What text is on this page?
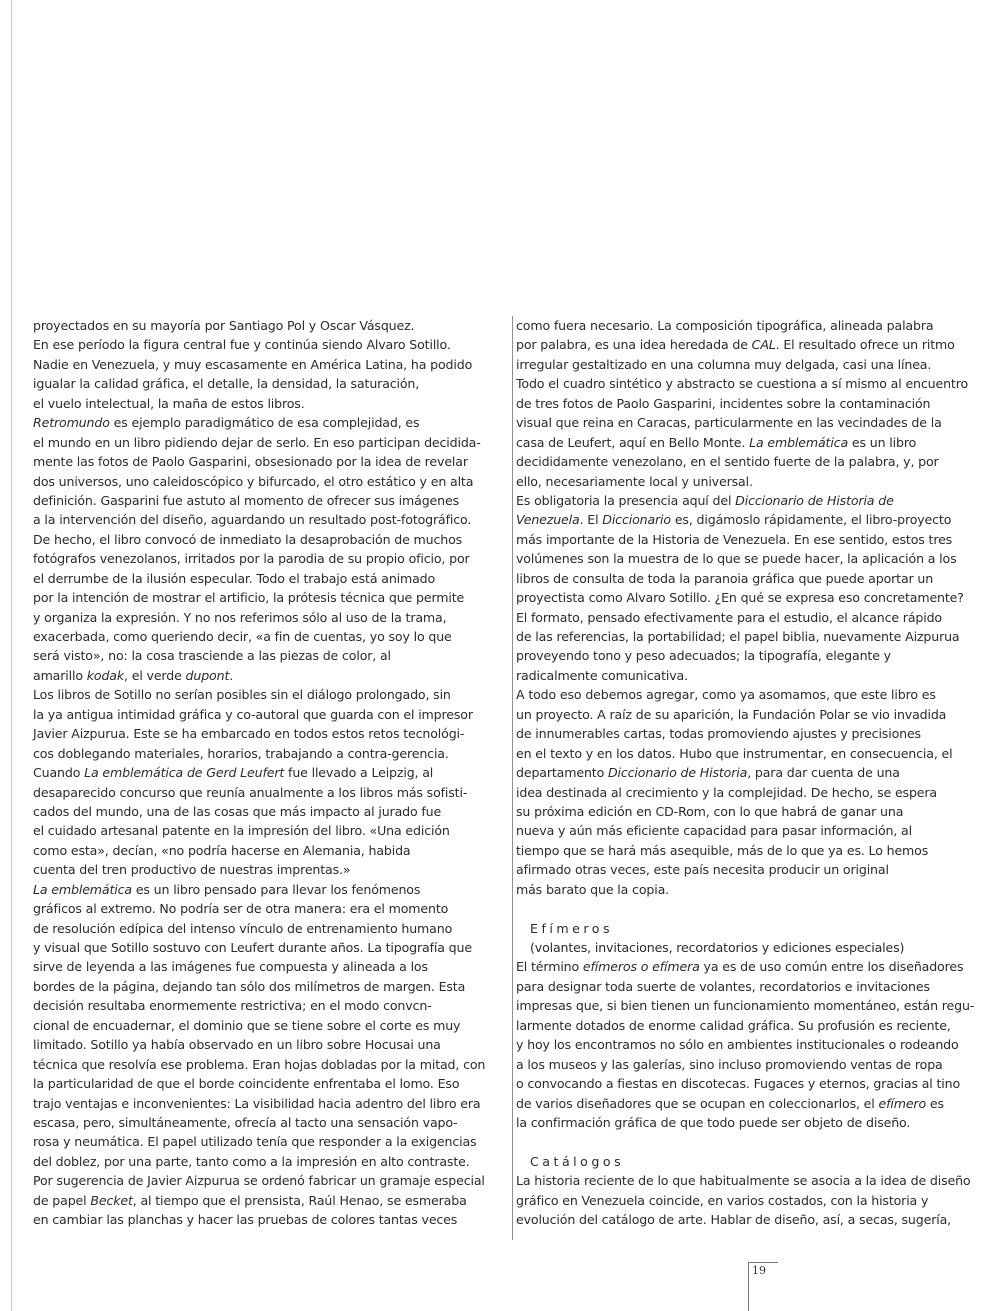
proyectados en su mayoría por Santiago Pol y Oscar Vásquez.
En ese período la figura central fue y continúa siendo Alvaro Sotillo.
Nadie en Venezuela, y muy escasamente en América Latina, ha podido
igualar la calidad gráfica, el detalle, la densidad, la saturación,
el vuelo intelectual, la maña de estos libros.
Retromundo es ejemplo paradigmático de esa complejidad, es
el mundo en un libro pidiendo dejar de serlo. En eso participan decidida-
mente las fotos de Paolo Gasparini, obsesionado por la idea de revelar
dos universos, uno caleidoscópico y bifurcado, el otro estático y en alta
definición. Gasparini fue astuto al momento de ofrecer sus imágenes
a la intervención del diseño, aguardando un resultado post-fotográfico.
De hecho, el libro convocó de inmediato la desaprobación de muchos
fotógrafos venezolanos, irritados por la parodia de su propio oficio, por
el derrumbe de la ilusión especular. Todo el trabajo está animado
por la intención de mostrar el artificio, la prótesis técnica que permite
y organiza la expresión. Y no nos referimos sólo al uso de la trama,
exacerbada, como queriendo decir, «a fin de cuentas, yo soy lo que
será visto», no: la cosa trasciende a las piezas de color, al
amarillo kodak, el verde dupont.
Los libros de Sotillo no serían posibles sin el diálogo prolongado, sin
la ya antigua intimidad gráfica y co-autoral que guarda con el impresor
Javier Aizpurua. Este se ha embarcado en todos estos retos tecnológi-
cos doblegando materiales, horarios, trabajando a contra-gerencia.
Cuando La emblemática de Gerd Leufert fue llevado a Leipzig, al
desaparecido concurso que reunía anualmente a los libros más sofisti-
cados del mundo, una de las cosas que más impacto al jurado fue
el cuidado artesanal patente en la impresión del libro. «Una edición
como esta», decían, «no podría hacerse en Alemania, habida
cuenta del tren productivo de nuestras imprentas.»
La emblemática es un libro pensado para llevar los fenómenos
gráficos al extremo. No podría ser de otra manera: era el momento
de resolución edípica del intenso vínculo de entrenamiento humano
y visual que Sotillo sostuvo con Leufert durante años. La tipografía que
sirve de leyenda a las imágenes fue compuesta y alineada a los
bordes de la página, dejando tan sólo dos milímetros de margen. Esta
decisión resultaba enormemente restrictiva; en el modo convcn-
cional de encuadernar, el dominio que se tiene sobre el corte es muy
limitado. Sotillo ya había observado en un libro sobre Hocusai una
técnica que resolvía ese problema. Eran hojas dobladas por la mitad, con
la particularidad de que el borde coincidente enfrentaba el lomo. Eso
trajo ventajas e inconvenientes: La visibilidad hacia adentro del libro era
escasa, pero, simultáneamente, ofrecía al tacto una sensación vapo-
rosa y neumática. El papel utilizado tenía que responder a la exigencias
del doblez, por una parte, tanto como a la impresión en alto contraste.
Por sugerencia de Javier Aizpurua se ordenó fabricar un gramaje especial
de papel Becket, al tiempo que el prensista, Raúl Henao, se esmeraba
en cambiar las planchas y hacer las pruebas de colores tantas veces
como fuera necesario. La composición tipográfica, alineada palabra
por palabra, es una idea heredada de CAL. El resultado ofrece un ritmo
irregular gestaltizado en una columna muy delgada, casi una línea.
Todo el cuadro sintético y abstracto se cuestiona a sí mismo al encuentro
de tres fotos de Paolo Gasparini, incidentes sobre la contaminación
visual que reina en Caracas, particularmente en las vecindades de la
casa de Leufert, aquí en Bello Monte. La emblemática es un libro
decididamente venezolano, en el sentido fuerte de la palabra, y, por
ello, necesariamente local y universal.
Es obligatoria la presencia aquí del Diccionario de Historia de
Venezuela. El Diccionario es, digámoslo rápidamente, el libro-proyecto
más importante de la Historia de Venezuela. En ese sentido, estos tres
volúmenes son la muestra de lo que se puede hacer, la aplicación a los
libros de consulta de toda la paranoia gráfica que puede aportar un
proyectista como Alvaro Sotillo. ¿En qué se expresa eso concretamente?
El formato, pensado efectivamente para el estudio, el alcance rápido
de las referencias, la portabilidad; el papel biblia, nuevamente Aizpurua
proveyendo tono y peso adecuados; la tipografía, elegante y
radicalmente comunicativa.
A todo eso debemos agregar, como ya asomamos, que este libro es
un proyecto. A raíz de su aparición, la Fundación Polar se vio invadida
de innumerables cartas, todas promoviendo ajustes y precisiones
en el texto y en los datos. Hubo que instrumentar, en consecuencia, el
departamento Diccionario de Historia, para dar cuenta de una
idea destinada al crecimiento y la complejidad. De hecho, se espera
su próxima edición en CD-Rom, con lo que habrá de ganar una
nueva y aún más eficiente capacidad para pasar información, al
tiempo que se hará más asequible, más de lo que ya es. Lo hemos
afirmado otras veces, este país necesita producir un original
más barato que la copia.
Efímeros
(volantes, invitaciones, recordatorios y ediciones especiales)
El término efímeros o efímera ya es de uso común entre los diseñadores
para designar toda suerte de volantes, recordatorios e invitaciones
impresas que, si bien tienen un funcionamiento momentáneo, están regu-
larmente dotados de enorme calidad gráfica. Su profusión es reciente,
y hoy los encontramos no sólo en ambientes institucionales o rodeando
a los museos y las galerías, sino incluso promoviendo ventas de ropa
o convocando a fiestas en discotecas. Fugaces y eternos, gracias al tino
de varios diseñadores que se ocupan en coleccionarlos, el efímero es
la confirmación gráfica de que todo puede ser objeto de diseño.
Catálogos
La historia reciente de lo que habitualmente se asocia a la idea de diseño
gráfico en Venezuela coincide, en varios costados, con la historia y
evolución del catálogo de arte. Hablar de diseño, así, a secas, sugería,
19
